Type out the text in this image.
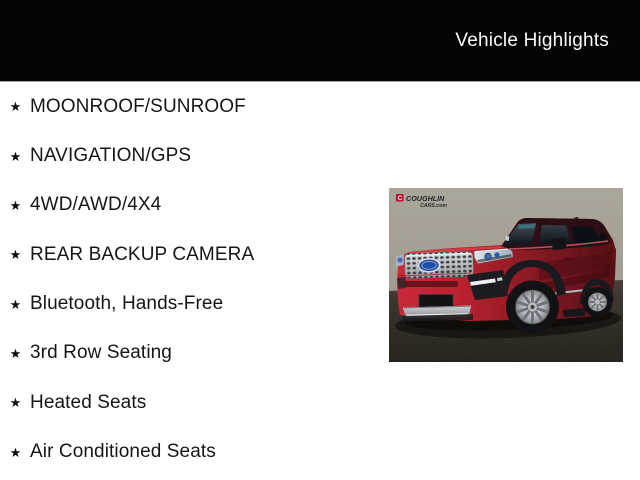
Vehicle Highlights
★ MOONROOF/SUNROOF
★ NAVIGATION/GPS
★ 4WD/AWD/4X4
★ REAR BACKUP CAMERA
★ Bluetooth, Hands-Free
★ 3rd Row Seating
★ Heated Seats
★ Air Conditioned Seats
C COUGHLIN
CARS.com
